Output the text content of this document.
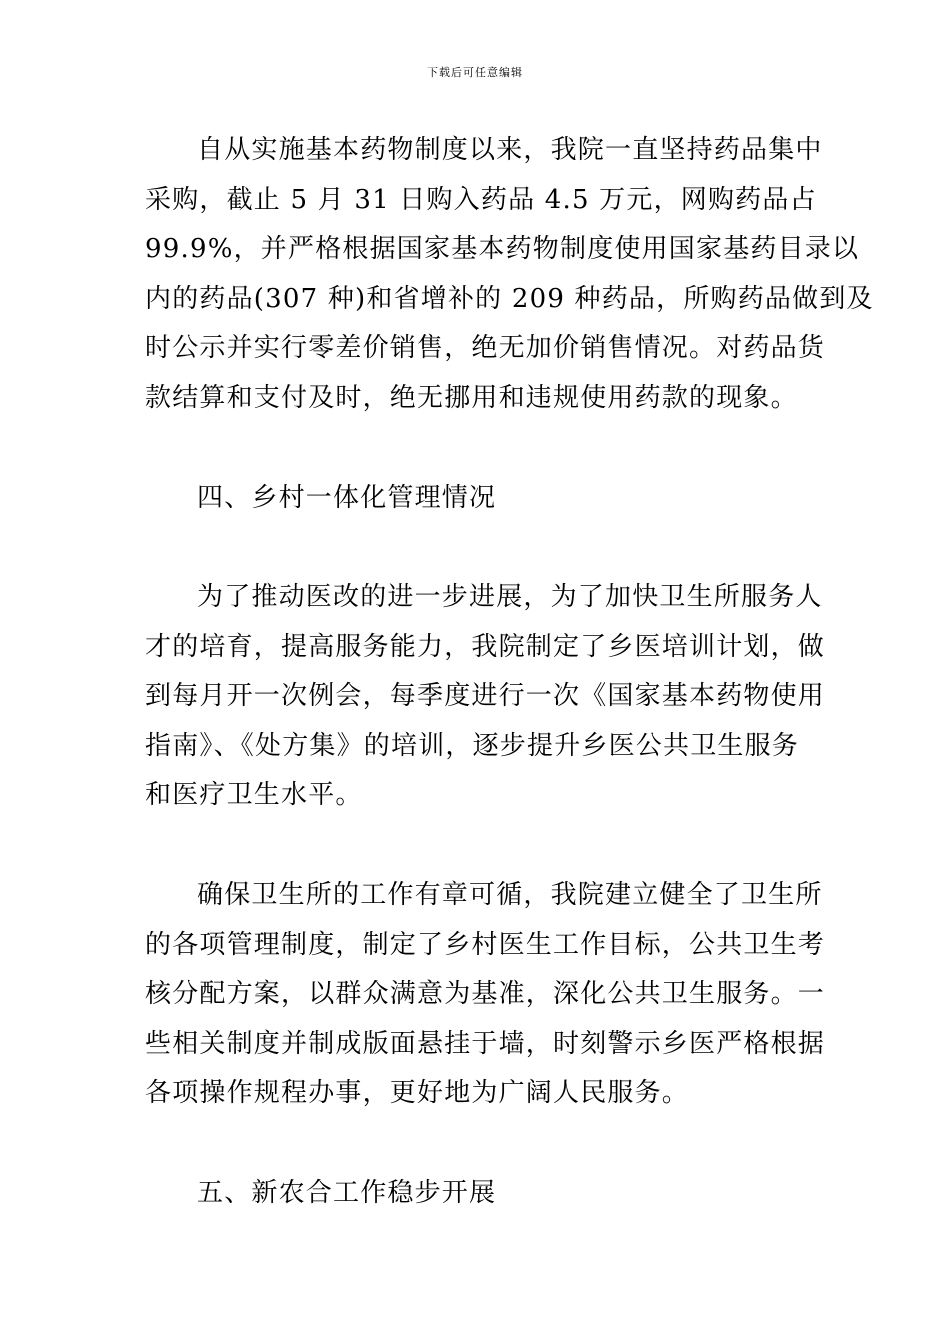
下载后可任意编辑

自从实施基本药物制度以来，我院一直坚持药品集中
采购，截止 5 月 31 日购入药品 4.5 万元，网购药品占
99.9%，并严格根据国家基本药物制度使用国家基药目录以
内的药品(307 种)和省增补的 209 种药品，所购药品做到及
时公示并实行零差价销售，绝无加价销售情况。对药品货
款结算和支付及时，绝无挪用和违规使用药款的现象。

四、乡村一体化管理情况

为了推动医改的进一步进展，为了加快卫生所服务人
才的培育，提高服务能力，我院制定了乡医培训计划，做
到每月开一次例会，每季度进行一次《国家基本药物使用
指南》、《处方集》的培训，逐步提升乡医公共卫生服务
和医疗卫生水平。

确保卫生所的工作有章可循，我院建立健全了卫生所
的各项管理制度，制定了乡村医生工作目标，公共卫生考
核分配方案，以群众满意为基准，深化公共卫生服务。一
些相关制度并制成版面悬挂于墙，时刻警示乡医严格根据
各项操作规程办事，更好地为广阔人民服务。

五、新农合工作稳步开展
